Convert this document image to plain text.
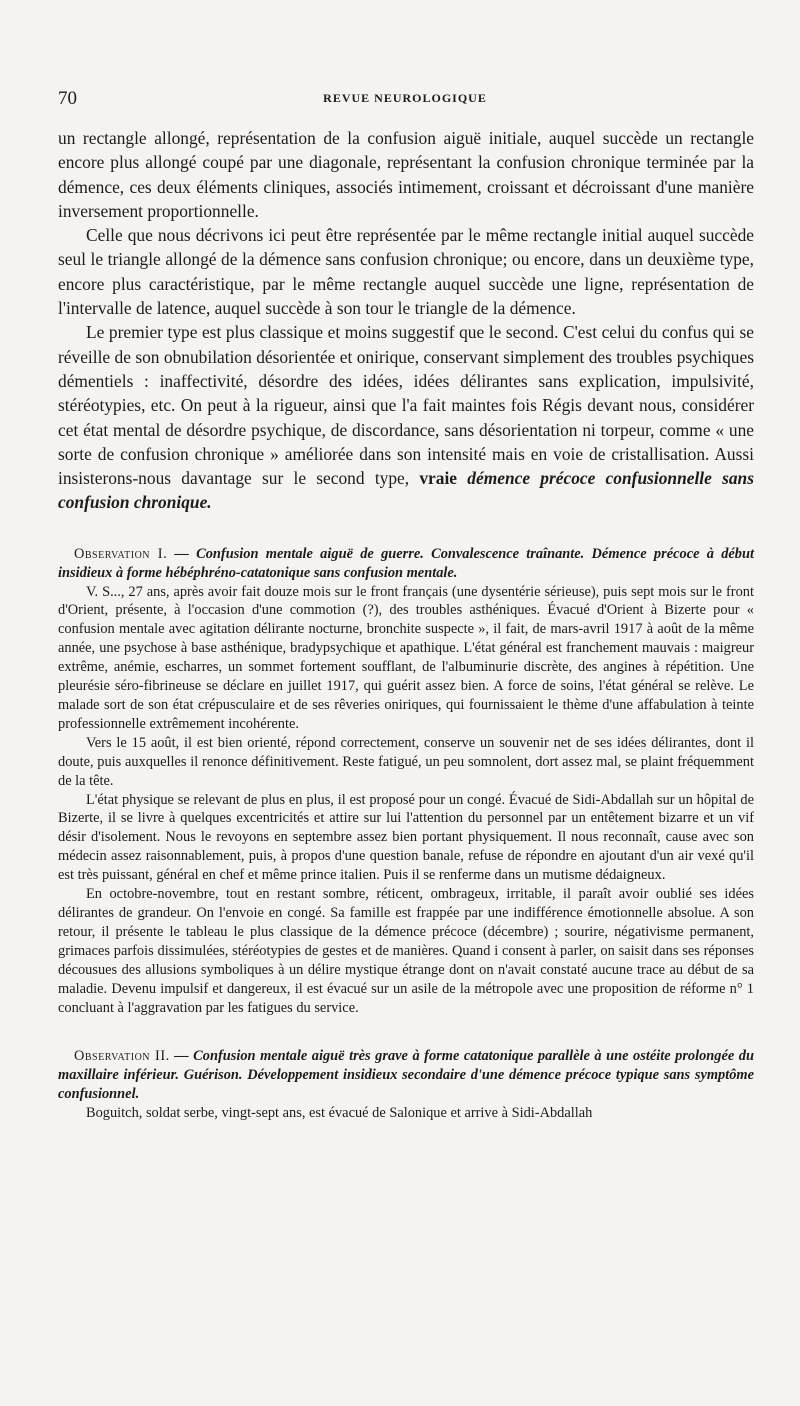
70	REVUE NEUROLOGIQUE

un rectangle allongé, représentation de la confusion aiguë initiale, auquel succède un rectangle encore plus allongé coupé par une diagonale, représentant la confusion chronique terminée par la démence, ces deux éléments cliniques, associés intimement, croissant et décroissant d'une manière inversement proportionnelle.

Celle que nous décrivons ici peut être représentée par le même rectangle initial auquel succède seul le triangle allongé de la démence sans confusion chronique; ou encore, dans un deuxième type, encore plus caractéristique, par le même rectangle auquel succède une ligne, représentation de l'intervalle de latence, auquel succède à son tour le triangle de la démence.

Le premier type est plus classique et moins suggestif que le second. C'est celui du confus qui se réveille de son obnubilation désorientée et onirique, conservant simplement des troubles psychiques démentiels : inaffectivité, désordre des idées, idées délirantes sans explication, impulsivité, stéréotypies, etc. On peut à la rigueur, ainsi que l'a fait maintes fois Régis devant nous, considérer cet état mental de désordre psychique, de discordance, sans désorientation ni torpeur, comme « une sorte de confusion chronique » améliorée dans son intensité mais en voie de cristallisation. Aussi insisterons-nous davantage sur le second type, vraie démence précoce confusionnelle sans confusion chronique.

Observation I. — Confusion mentale aiguë de guerre. Convalescence traînante. Démence précoce à début insidieux à forme hébéphréno-catatonique sans confusion mentale.

V. S..., 27 ans, après avoir fait douze mois sur le front français (une dysentérie sérieuse), puis sept mois sur le front d'Orient, présente, à l'occasion d'une commotion (?), des troubles asthéniques. Évacué d'Orient à Bizerte pour « confusion mentale avec agitation délirante nocturne, bronchite suspecte », il fait, de mars-avril 1917 à août de la même année, une psychose à base asthénique, bradypsychique et apathique. L'état général est franchement mauvais : maigreur extrême, anémie, escharres, un sommet fortement soufflant, de l'albuminurie discrète, des angines à répétition. Une pleurésie séro-fibrineuse se déclare en juillet 1917, qui guérit assez bien. A force de soins, l'état général se relève. Le malade sort de son état crépusculaire et de ses rêveries oniriques, qui fournissaient le thème d'une affabulation à teinte professionnelle extrêmement incohérente.

Vers le 15 août, il est bien orienté, répond correctement, conserve un souvenir net de ses idées délirantes, dont il doute, puis auxquelles il renonce définitivement. Reste fatigué, un peu somnolent, dort assez mal, se plaint fréquemment de la tête.

L'état physique se relevant de plus en plus, il est proposé pour un congé. Évacué de Sidi-Abdallah sur un hôpital de Bizerte, il se livre à quelques excentricités et attire sur lui l'attention du personnel par un entêtement bizarre et un vif désir d'isolement. Nous le revoyons en septembre assez bien portant physiquement. Il nous reconnaît, cause avec son médecin assez raisonnablement, puis, à propos d'une question banale, refuse de répondre en ajoutant d'un air vexé qu'il est très puissant, général en chef et même prince italien. Puis il se renferme dans un mutisme dédaigneux.

En octobre-novembre, tout en restant sombre, réticent, ombrageux, irritable, il paraît avoir oublié ses idées délirantes de grandeur. On l'envoie en congé. Sa famille est frappée par une indifférence émotionnelle absolue. A son retour, il présente le tableau le plus classique de la démence précoce (décembre) ; sourire, négativisme permanent, grimaces parfois dissimulées, stéréotypies de gestes et de manières. Quand i consent à parler, on saisit dans ses réponses décousues des allusions symboliques à un délire mystique étrange dont on n'avait constaté aucune trace au début de sa maladie. Devenu impulsif et dangereux, il est évacué sur un asile de la métropole avec une proposition de réforme n° 1 concluant à l'aggravation par les fatigues du service.

Observation II. — Confusion mentale aiguë très grave à forme catatonique parallèle à une ostéite prolongée du maxillaire inférieur. Guérison. Développement insidieux secondaire d'une démence précoce typique sans symptôme confusionnel.

Boguitch, soldat serbe, vingt-sept ans, est évacué de Salonique et arrive à Sidi-Abdallah
